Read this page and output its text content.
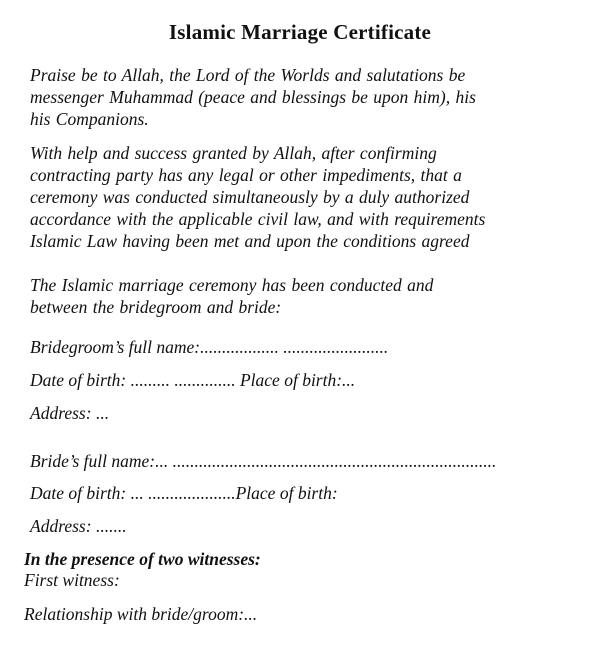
Islamic Marriage Certificate
Praise be to Allah, the Lord of the Worlds and salutations be
messenger Muhammad (peace and blessings be upon him), his
his Companions.
With help and success granted by Allah, after confirming
contracting party has any legal or other impediments, that a
ceremony was conducted simultaneously by a duly authorized
accordance with the applicable civil law, and with requirements
Islamic Law having been met and upon the conditions agreed
The Islamic marriage ceremony has been conducted and
between the bridegroom and bride:
Bridegroom’s full name:.................. ........................
Date of birth: ......... .............. Place of birth:...
Address: ...
Bride’s full name:... ..........................................................................
Date of birth: ... ....................Place of birth:
Address: .......
In the presence of two witnesses:
First witness:
Relationship with bride/groom:...
